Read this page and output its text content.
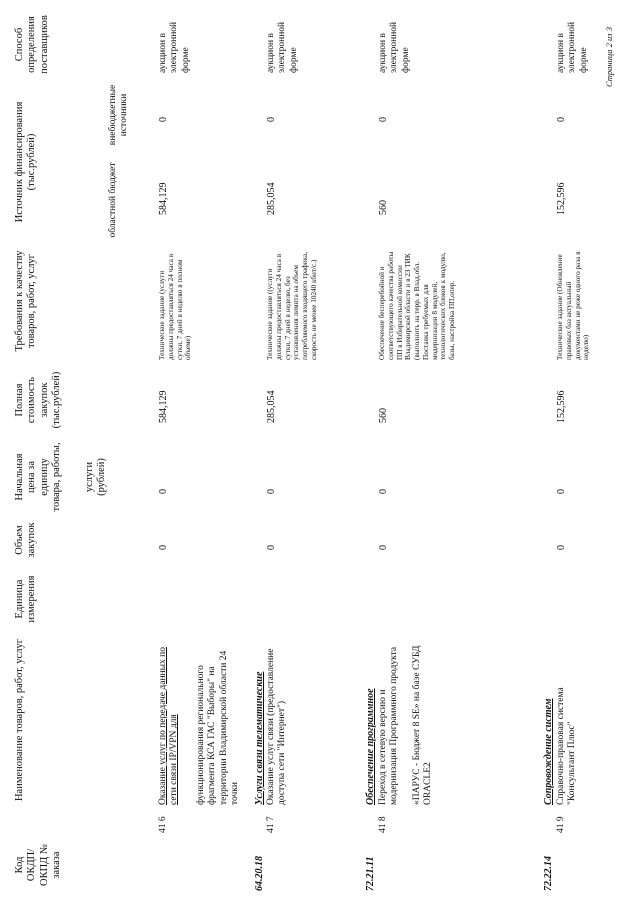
Код ОКДП/ ОКПД № заказа
Наименование товаров, работ, услуг
Единица измерения
Объем закупок
Начальная цена за единицу товара, работы, услуги (рублей)
Полная стоимость закупок (тыс.рублей)
Требования к качеству товаров, работ, услуг
Источник финансирования (тыс.рублей)
областной бюджет
внебюджетные источники
Способ определения поставщиков
41 6
Оказание услуг по передаче данных по сети связи IP/VPN для функционирования регионального фрагмента КСА ГАС "Выборы" на территории Владимирской области 24 точки
0
0
584,129
Техническое задание (услуги должны предоставляться 24 часа в сутки, 7 дней в неделю в полном объеме)
584,129
0
аукцион в электронной форме
64.20.18
Услуги связи телематические
41 7
Оказание услуг связи (предоставление доступа сети "Интернет")
0
0
285,054
Техническое задание ((услуги должны предоставляться 24 часа в сутки, 7 дней в неделю, без установления лимита на объем потребляемого входящего трафика, скорость не менее 10240 кбит/с.)
285,054
0
аукцион в электронной форме
72.21.11
Обеспечение программное
41 8
Переход в сетевую версию и модернизация Программного продукта «ПАРУС - Бюджет 8 SE» на базе СУБД ORACLE2
0
0
560
Обеспечение бесперебойной и соответствующего качества работы ПП в Избирательной комиссии Владимирской области и в 23 ТИК (выполнить на терр. в Влад.обл. Поставка требуемых для модернизации 8 модулей, технологических блоков к модулю, базы, настройка ПП,опер.
560
0
аукцион в электронной форме
72.22.14
Сопровождение систем
41 9
Справочно-правовая система "Консультант Плюс"
0
0
152,596
Техническое задание (Обновление правовых баз актуальный документами не реже одного раза в неделю)
152,596
0
аукцион в электронной форме Страница 2 из 3
